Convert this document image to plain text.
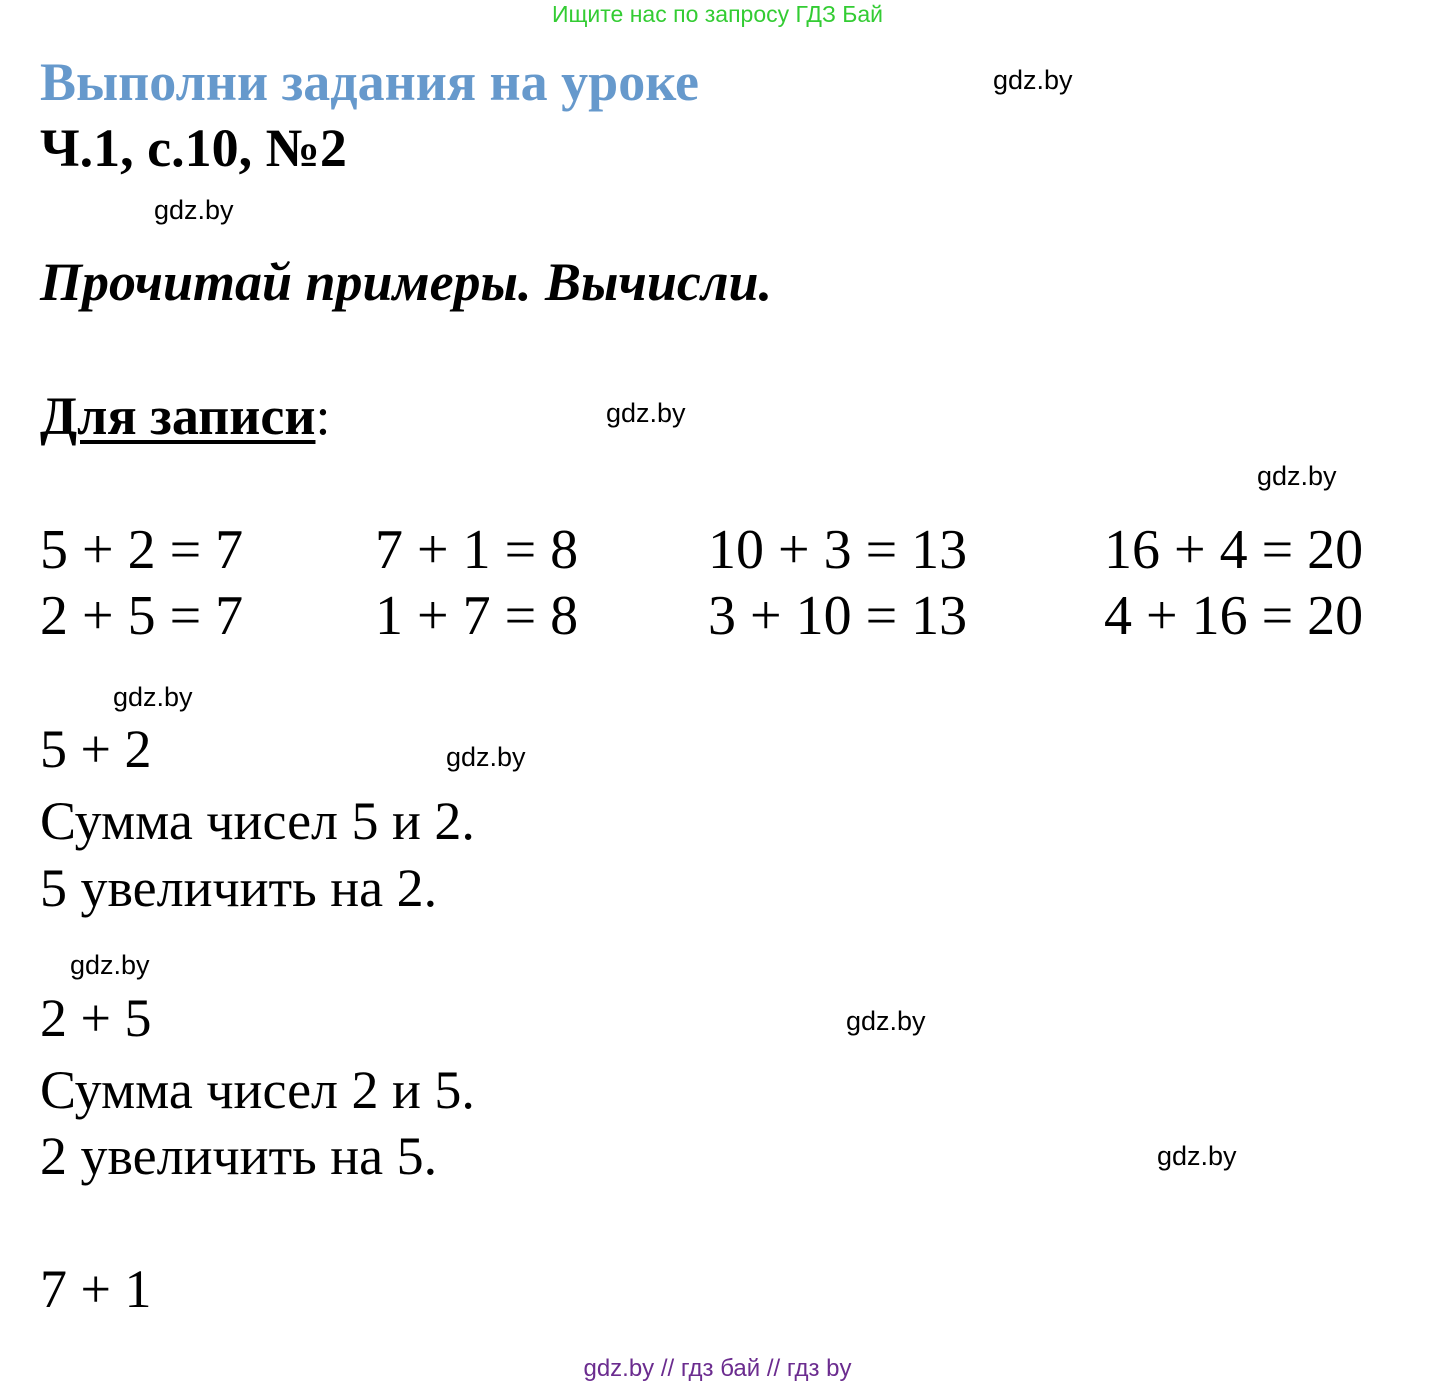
Ищите нас по запросу ГДЗ Бай
Выполни задания на уроке	gdz.by
Ч.1, с.10, №2
gdz.by
Прочитай примеры. Вычисли.
Для записи:	gdz.by
gdz.by
5 + 2 = 7 7 + 1 = 8 10 + 3 = 13 16 + 4 = 20
2 + 5 = 7 1 + 7 = 8 3 + 10 = 13 4 + 16 = 20
gdz.by
5 + 2	gdz.by
Сумма чисел 5 и 2.
5 увеличить на 2.
gdz.by
2 + 5	gdz.by
Сумма чисел 2 и 5.
2 увеличить на 5.	gdz.by
7 + 1
gdz.by // гдз бай // гдз by
